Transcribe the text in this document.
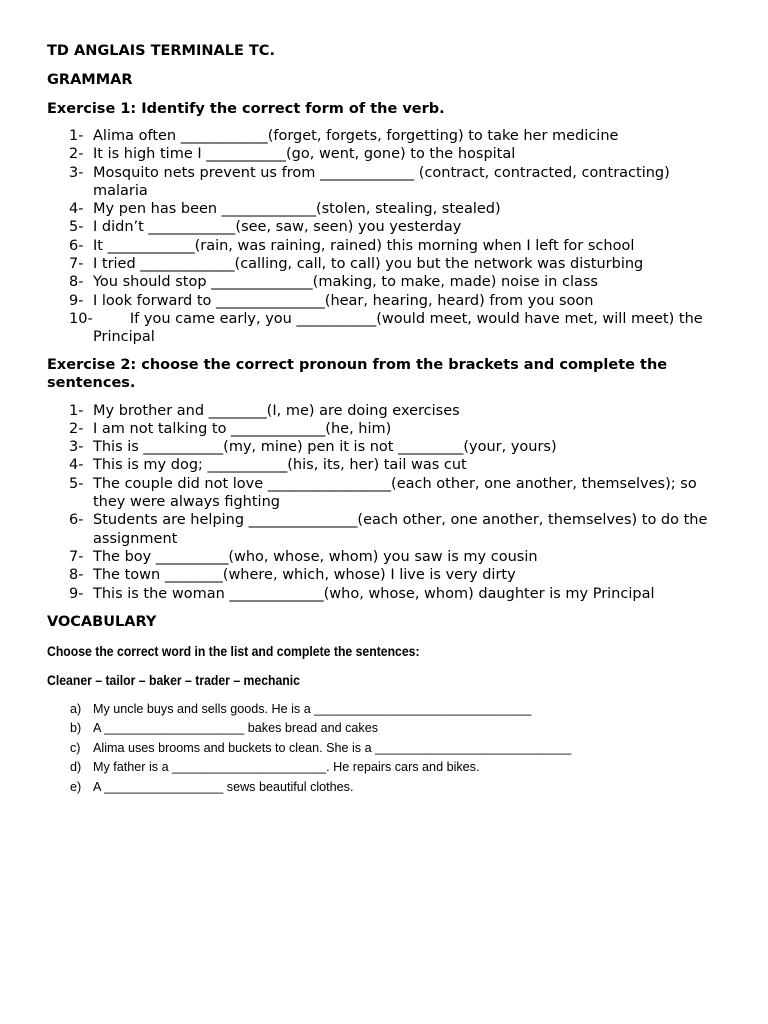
TD ANGLAIS TERMINALE TC.
GRAMMAR
Exercise 1: Identify the correct form of the verb.
1- Alima often ____________(forget, forgets, forgetting) to take her medicine
2- It is high time I ___________(go, went, gone) to the hospital
3- Mosquito nets prevent us from _____________ (contract, contracted, contracting) malaria
4- My pen has been _____________(stolen, stealing, stealed)
5- I didn’t ____________(see, saw, seen) you yesterday
6- It ____________(rain, was raining, rained) this morning when I left for school
7- I tried _____________(calling, call, to call) you but the network was disturbing
8- You should stop ______________(making, to make, made) noise in class
9- I look forward to _______________(hear, hearing, heard) from you soon
10- If you came early, you ___________(would meet, would have met, will meet) the Principal
Exercise 2: choose the correct pronoun from the brackets and complete the sentences.
1- My brother and ________(I, me) are doing exercises
2- I am not talking to _____________(he, him)
3- This is ___________(my, mine) pen it is not _________(your, yours)
4- This is my dog; ___________(his, its, her) tail was cut
5- The couple did not love _________________(each other, one another, themselves); so they were always fighting
6- Students are helping _______________(each other, one another, themselves) to do the assignment
7- The boy __________(who, whose, whom) you saw is my cousin
8- The town ________(where, which, whose) I live is very dirty
9- This is the woman _____________(who, whose, whom) daughter is my Principal
VOCABULARY
Choose the correct word in the list and complete the sentences:
Cleaner – tailor – baker – trader – mechanic
a) My uncle buys and sells goods. He is a _______________________________
b) A ____________________ bakes bread and cakes
c) Alima uses brooms and buckets to clean. She is a ____________________________
d) My father is a ______________________. He repairs cars and bikes.
e) A _________________ sews beautiful clothes.
